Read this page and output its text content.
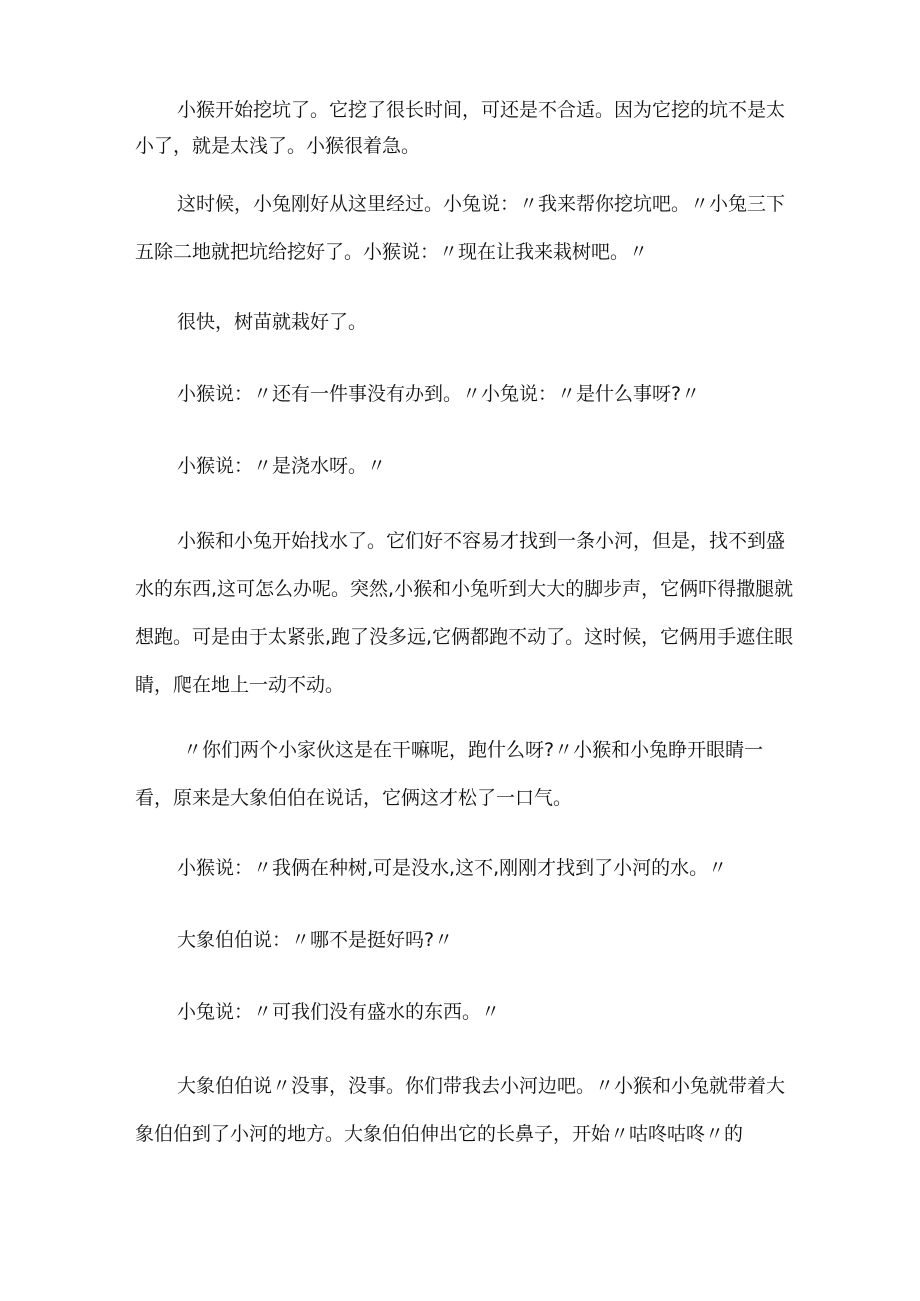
小猴开始挖坑了。它挖了很长时间，可还是不合适。因为它挖的坑不是太小了，就是太浅了。小猴很着急。

这时候，小兔刚好从这里经过。小兔说：〃我来帮你挖坑吧。〃小兔三下五除二地就把坑给挖好了。小猴说：〃现在让我来栽树吧。〃

很快，树苗就栽好了。

小猴说：〃还有一件事没有办到。〃小兔说：〃是什么事呀?〃

小猴说：〃是浇水呀。〃

小猴和小兔开始找水了。它们好不容易才找到一条小河，但是，找不到盛水的东西,这可怎么办呢。突然,小猴和小兔听到大大的脚步声，它俩吓得撒腿就想跑。可是由于太紧张,跑了没多远,它俩都跑不动了。这时候，它俩用手遮住眼睛，爬在地上一动不动。

〃你们两个小家伙这是在干嘛呢，跑什么呀?〃小猴和小兔睁开眼睛一看，原来是大象伯伯在说话，它俩这才松了一口气。

小猴说：〃我俩在种树,可是没水,这不,刚刚才找到了小河的水。〃

大象伯伯说：〃哪不是挺好吗?〃

小兔说：〃可我们没有盛水的东西。〃

大象伯伯说〃没事，没事。你们带我去小河边吧。〃小猴和小兔就带着大象伯伯到了小河的地方。大象伯伯伸出它的长鼻子，开始〃咕咚咕咚〃的
